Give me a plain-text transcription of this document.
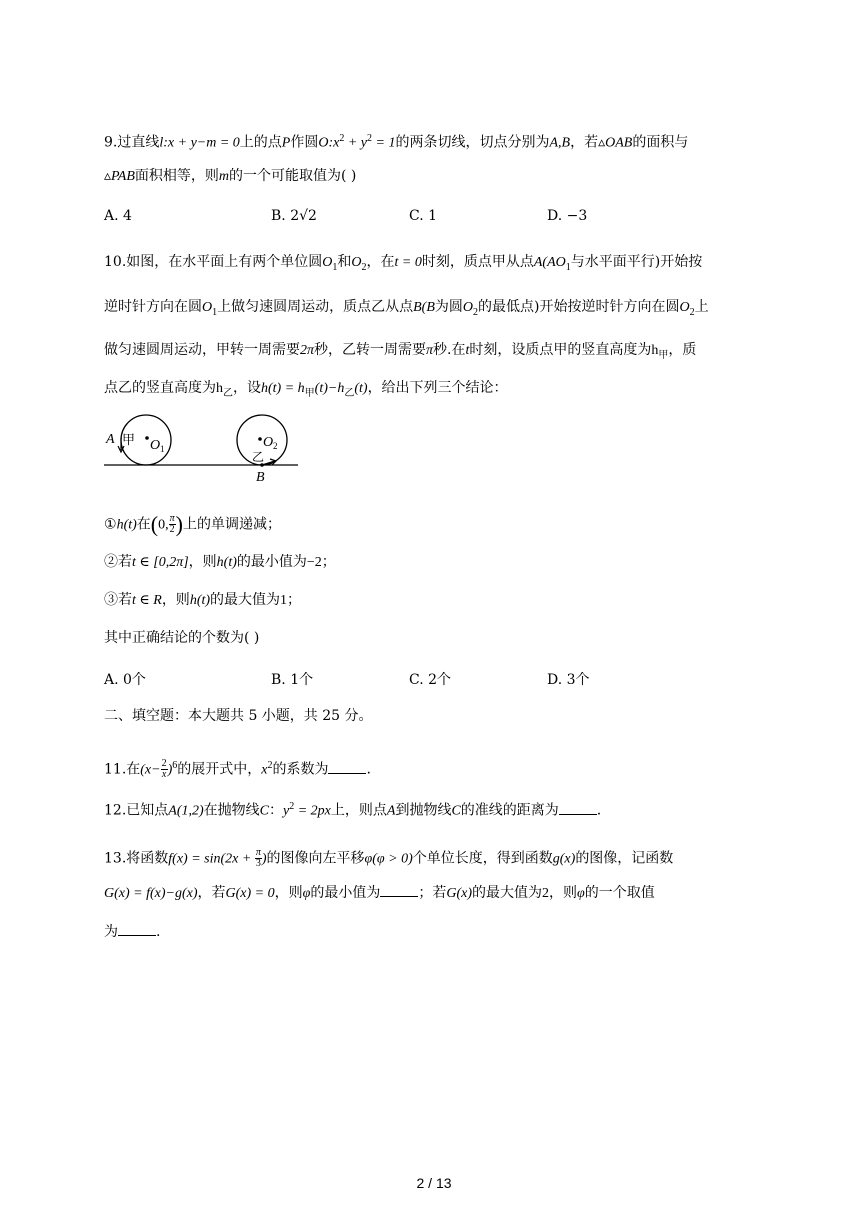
9.过直线l:x + y−m = 0上的点P作圆$O:x^2 + y^2 = 1$的两条切线，切点分别为A,B，若▵OAB的面积与
▵PAB面积相等，则m的一个可能取值为( )
A. 4	B. 2√2	C. 1	D. −3
10.如图，在水平面上有两个单位圆$O_1$和$O_2$，在t = 0时刻，质点甲从点$A(AO_1$与水平面平行)开始按
逆时针方向在圆$O_1$上做匀速圆周运动，质点乙从点B(B为圆$O_2$的最低点)开始按逆时针方向在圆$O_2$上
做匀速圆周运动，甲转一周需要2π秒，乙转一周需要π秒.在t时刻，设质点甲的竖直高度为$h_甲$，质
点乙的竖直高度为$h_乙$，设$h(t) = h_甲(t)-h_乙(t)$，给出下列三个结论：
A 甲 O 1	O 2
乙
B
①h(t)在(0, $\frac{\pi}{2}$ )上的单调递减；
②若t ∈ [0,2π]，则h(t)的最小值为−2；
③若t ∈ R，则h(t)的最大值为1；
其中正确结论的个数为( )
A. 0个	B. 1个	C. 2个	D. 3个
二、填空题：本大题共 5 小题，共 25 分。
11.在$(x- \frac{2}{x} )^6$的展开式中，$x^2$的系数为	.
12.已知点A(1,2)在抛物线C：$y^2 = 2px$上，则点A到抛物线C的准线的距离为	.
13.将函数$f(x) = \sin(2x + \frac{\pi}{3}$ )的图像向左平移φ(φ > 0)个单位长度，得到函数g(x)的图像，记函数
G(x) = f(x)−g(x)，若G(x) = 0，则φ的最小值为	；若G(x)的最大值为2，则φ的一个取值
为	.
2 / 13
